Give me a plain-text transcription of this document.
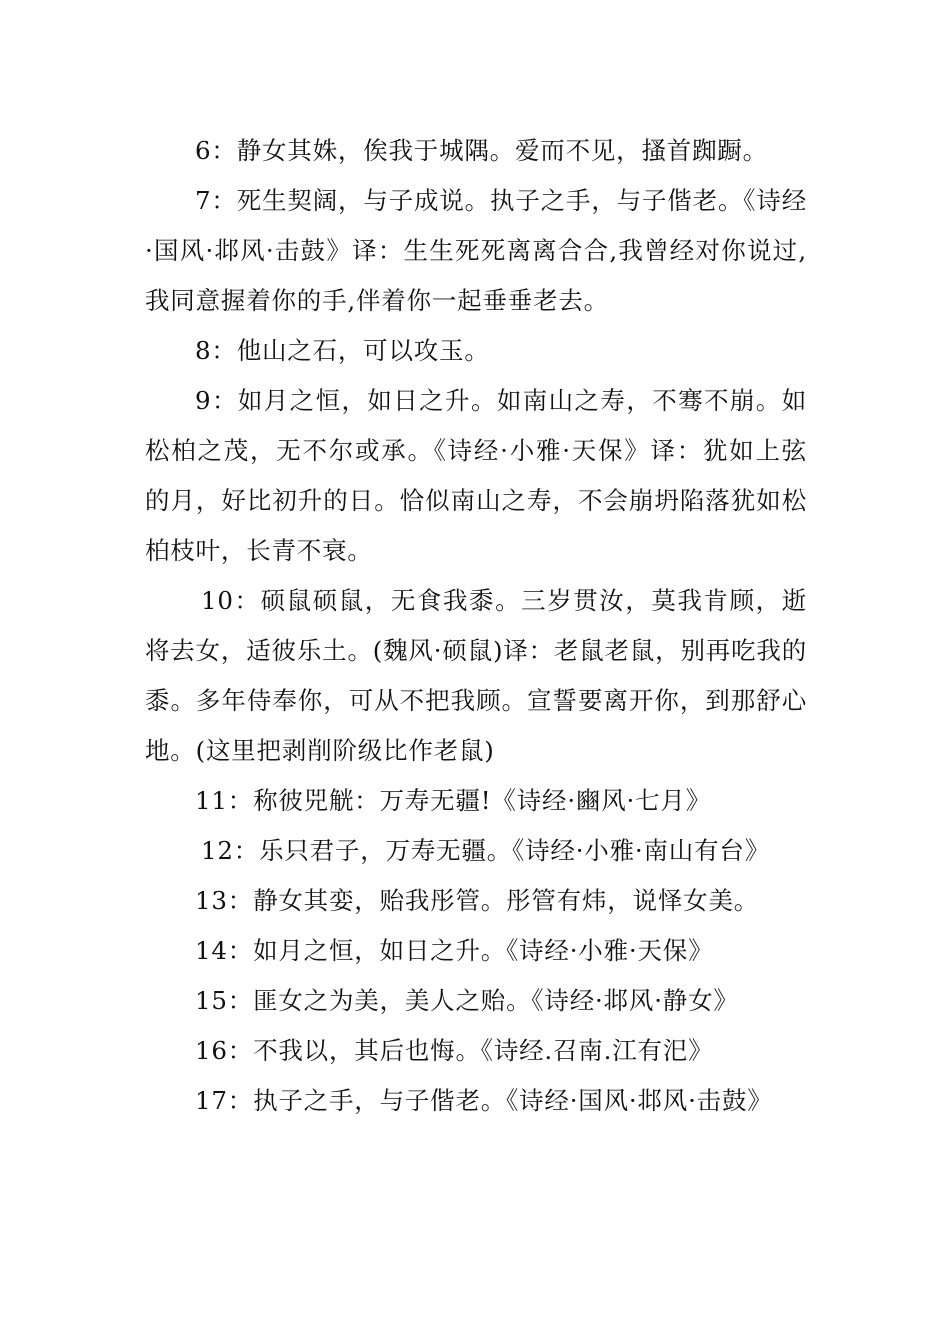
6：静女其姝，俟我于城隅。爱而不见，搔首踟蹰。

7：死生契阔，与子成说。执子之手，与子偕老。《诗经·国风·邶风·击鼓》译：生生死死离离合合,我曾经对你说过,我同意握着你的手,伴着你一起垂垂老去。

8：他山之石，可以攻玉。

9：如月之恒，如日之升。如南山之寿，不骞不崩。如松柏之茂，无不尔或承。《诗经·小雅·天保》译：犹如上弦的月，好比初升的日。恰似南山之寿，不会崩坍陷落犹如松柏枝叶，长青不衰。

10：硕鼠硕鼠，无食我黍。三岁贯汝，莫我肯顾，逝将去女，适彼乐土。(魏风·硕鼠)译：老鼠老鼠，别再吃我的黍。多年侍奉你，可从不把我顾。宣誓要离开你，到那舒心地。(这里把剥削阶级比作老鼠)

11：称彼兕觥：万寿无疆!《诗经·豳风·七月》

12：乐只君子，万寿无疆。《诗经·小雅·南山有台》

13：静女其娈，贻我彤管。彤管有炜，说怿女美。

14：如月之恒，如日之升。《诗经·小雅·天保》

15：匪女之为美，美人之贻。《诗经·邶风·静女》

16：不我以，其后也悔。《诗经.召南.江有汜》

17：执子之手，与子偕老。《诗经·国风·邶风·击鼓》
